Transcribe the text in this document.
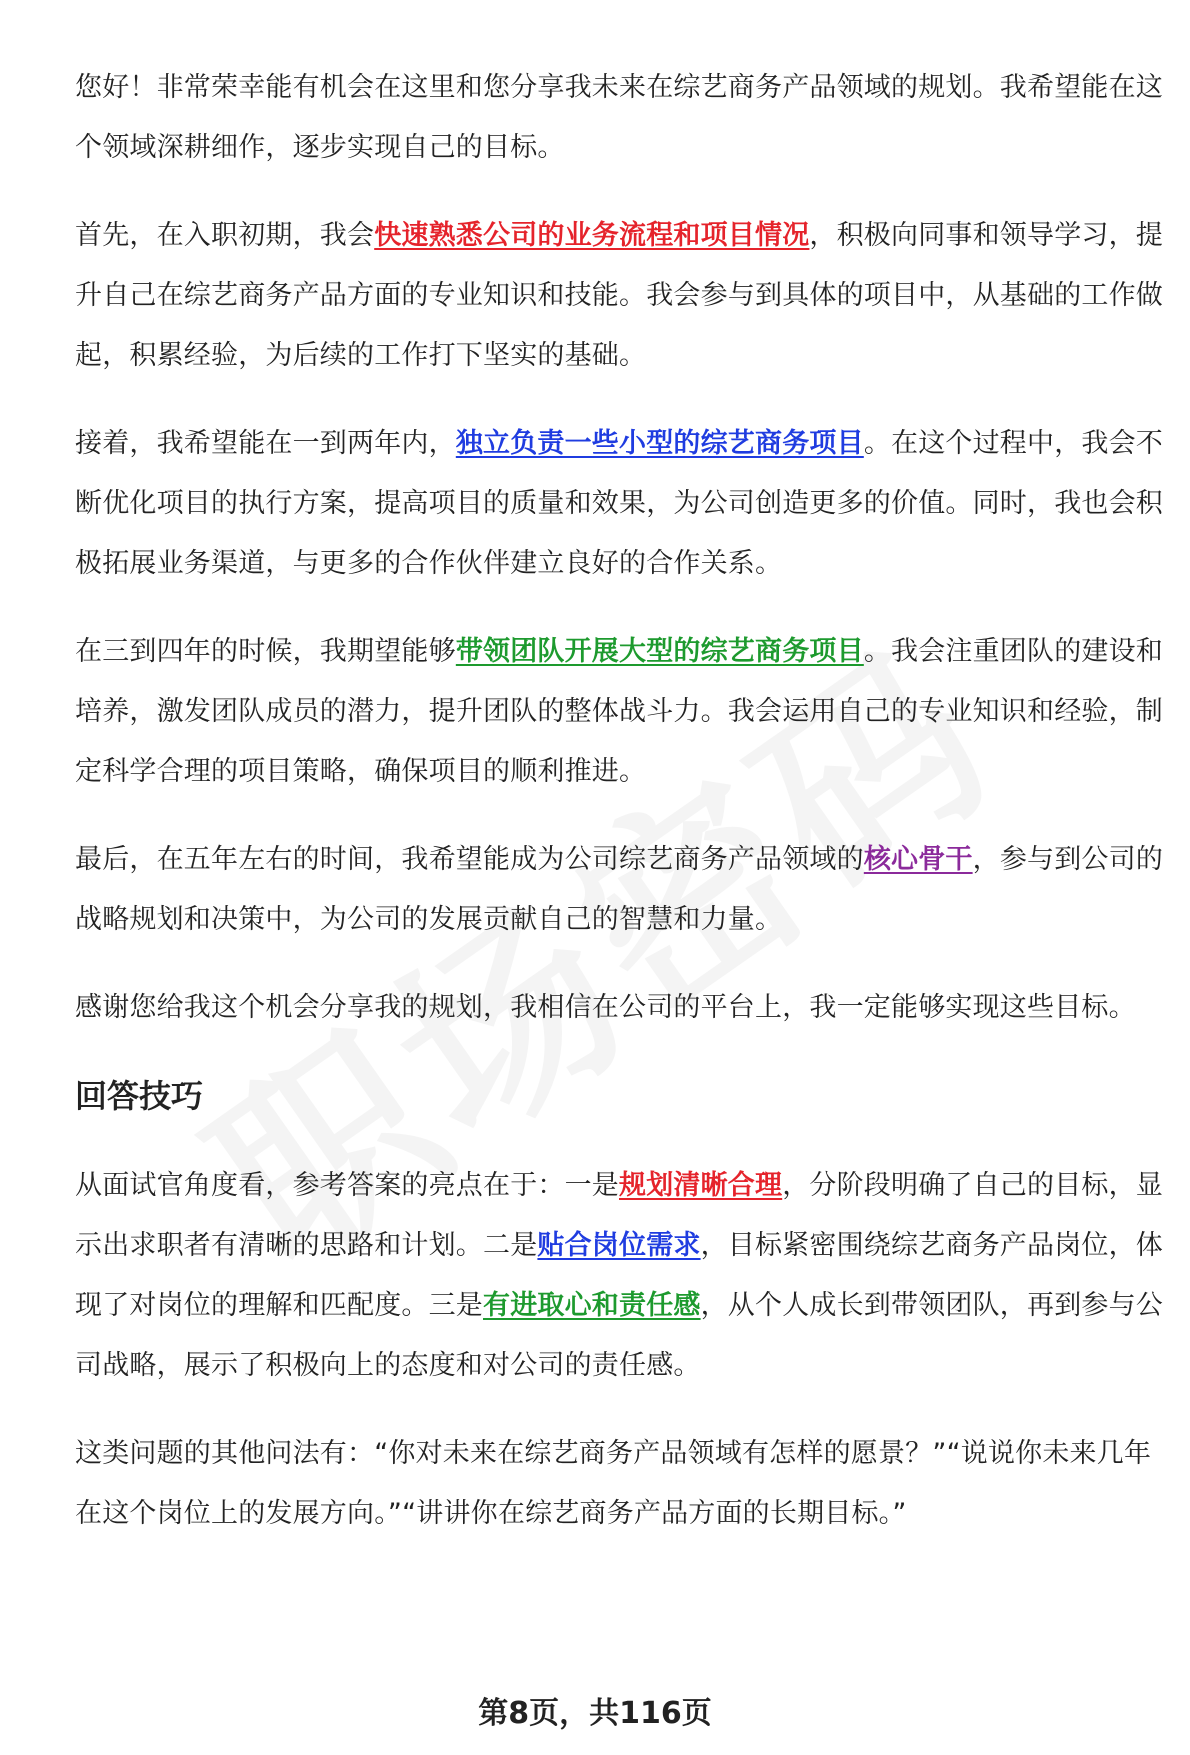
您好！非常荣幸能有机会在这里和您分享我未来在综艺商务产品领域的规划。我希望能在这个领域深耕细作，逐步实现自己的目标。

首先，在入职初期，我会快速熟悉公司的业务流程和项目情况，积极向同事和领导学习，提升自己在综艺商务产品方面的专业知识和技能。我会参与到具体的项目中，从基础的工作做起，积累经验，为后续的工作打下坚实的基础。

接着，我希望能在一到两年内，独立负责一些小型的综艺商务项目。在这个过程中，我会不断优化项目的执行方案，提高项目的质量和效果，为公司创造更多的价值。同时，我也会积极拓展业务渠道，与更多的合作伙伴建立良好的合作关系。

在三到四年的时候，我期望能够带领团队开展大型的综艺商务项目。我会注重团队的建设和培养，激发团队成员的潜力，提升团队的整体战斗力。我会运用自己的专业知识和经验，制定科学合理的项目策略，确保项目的顺利推进。

最后，在五年左右的时间，我希望能成为公司综艺商务产品领域的核心骨干，参与到公司的战略规划和决策中，为公司的发展贡献自己的智慧和力量。

感谢您给我这个机会分享我的规划，我相信在公司的平台上，我一定能够实现这些目标。

回答技巧

从面试官角度看，参考答案的亮点在于：一是规划清晰合理，分阶段明确了自己的目标，显示出求职者有清晰的思路和计划。二是贴合岗位需求，目标紧密围绕综艺商务产品岗位，体现了对岗位的理解和匹配度。三是有进取心和责任感，从个人成长到带领团队，再到参与公司战略，展示了积极向上的态度和对公司的责任感。

这类问题的其他问法有：“你对未来在综艺商务产品领域有怎样的愿景？”“说说你未来几年在这个岗位上的发展方向。”“讲讲你在综艺商务产品方面的长期目标。”

第8页，共116页
